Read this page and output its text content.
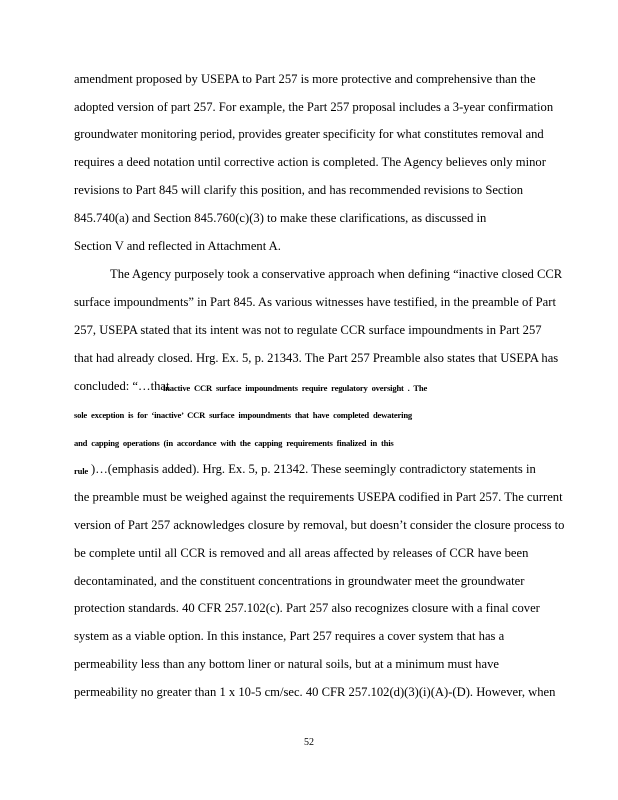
amendment proposed by USEPA to Part 257 is more protective and comprehensive than the
adopted version of part 257. For example, the Part 257 proposal includes a 3-year confirmation
groundwater monitoring period, provides greater specificity for what constitutes removal and
requires a deed notation until corrective action is completed. The Agency believes only minor
revisions to Part 845 will clarify this position, and has recommended revisions to Section
845.740(a) and Section 845.760(c)(3) to make these clarifications, as discussed in
Section V and reflected in Attachment A.
The Agency purposely took a conservative approach when defining “inactive closed CCR
surface impoundments” in Part 845. As various witnesses have testified, in the preamble of Part
257, USEPA stated that its intent was not to regulate CCR surface impoundments in Part 257
that had already closed. Hrg. Ex. 5, p. 21343. The Part 257 Preamble also states that USEPA has
concluded: “…that
inactive CCR surface impoundments require regulatory oversight . The
sole exception is for ‘inactive’ CCR surface impoundments that have completed dewatering
and capping operations (in accordance with the capping requirements finalized in this
rule )…(emphasis added). Hrg. Ex. 5, p. 21342. These seemingly contradictory statements in
the preamble must be weighed against the requirements USEPA codified in Part 257. The current
version of Part 257 acknowledges closure by removal, but doesn’t consider the closure process to
be complete until all CCR is removed and all areas affected by releases of CCR have been
decontaminated, and the constituent concentrations in groundwater meet the groundwater
protection standards. 40 CFR 257.102(c). Part 257 also recognizes closure with a final cover
system as a viable option. In this instance, Part 257 requires a cover system that has a
permeability less than any bottom liner or natural soils, but at a minimum must have
permeability no greater than 1 x 10-5 cm/sec. 40 CFR 257.102(d)(3)(i)(A)-(D). However, when
52
